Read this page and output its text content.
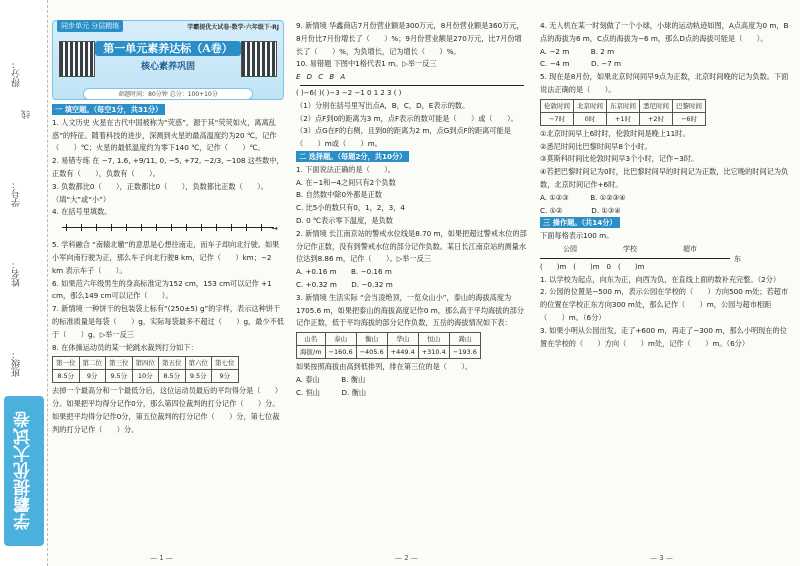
得分：
学号：
姓名：
班级：
线
学霸提优大试卷
同步单元 分层精练	学霸提优大试卷·数学·六年级下·RJ
第一单元素养达标（A卷）
核心素养巩固
命题时间：80分钟 总分：100+10分
一 填空题。（每空1分，共31分）

1. 人文历史 火星在古代中国被称为“荧惑”，源于其“荧荧如火，离离乱惑”的特征。随着科技的进步，深测到火星的最高温度约为20 ℃，记作（　　）℃；火星的最低温度约为零下140 ℃，记作（　　）℃。

2. 易错专练 在 −7, 1.6, +9/11, 0, −5, +72, −2/3, −108 这些数中，正数有（　　），负数有（　　）。

3. 负数都比0（　　），正数都比0（　　），负数都比正数（　　）。（填“大”或“小”）

4. 在括号里填数。

→

5. 学科融合 “南辕北辙”的意思是心想往南走，而车子却向北行驶。如果小军向南行驶为正，那么车子向北行驶8 km，记作（　　）km；−2 km 表示车子（　　）。

6. 如果范六年级男生的身高标准定为152 cm，153 cm可以记作 +1 cm，那么149 cm可以记作（　　）。

7. 新情境 一种饼干的包装袋上标有“(250±5) g”的字样，表示这种饼干的标准质量是每袋（　　）g，实际每袋最多不超过（　　）g，最少不低于（　　）g。▷举一反三

8. 在体操运动员的某一轮跳水裁判打分如下：

第一位	第二位	第三位	第四位	第五位	第六位	第七位
8.5分	9分	9.5分	10分	8.5分	9.5分	9分

去掉一个最高分和一个最低分后，这位运动员最后的平均得分是（　　）分。如果把平均得分记作0分，那么第四位裁判的打分记作（　　）分。如果把平均得分记作0分，第五位裁判的打分记作（　　）分，第七位裁判的打分记作（　　）分。

9. 新情境 华鑫商店7月份营业额是300万元，8月份营业额是360万元，8月份比7月份增长了（　　）%；9月份营业额是270万元，比7月份增长了（　　）%，为负增长，记为增长（　　）%。

10. 易错题 下图中1格代表1 m。▷举一反三

E D C B A
( )−6( )( )−3 −2 −1 0 1 2 3 ( )

（1）分别在括号里写出点A，B，C，D，E表示的数。

（2）点F到0的距离为3 m，点F表示的数可能是（　　）或（　　）。

（3）点G在F的右侧，且到0的距离为2 m，点G到点F的距离可能是（　　）m或（　　）m。

二 选择题。（每题2分，共10分）

1. 下面说法正确的是（　　）。

A. 在−1和−4之间只有2个负数

B. 自然数中除0外都是正数

C. 比5小的数只有0，1，2，3，4

D. 0 ℃表示零下温度，是负数

2. 新情境 长江南京站的警戒水位线是8.70 m，如果把超过警戒水位的部分记作正数，没有到警戒水位的部分记作负数。某日长江南京站的测量水位达到8.86 m，记作（　　）。▷举一反三

A. +0.16 m　　B. −0.16 m

C. +0.32 m　　D. −0.32 m

3. 新情境 生活实际 “会当凌绝顶，一览众山小”，泰山的海拔高度为1705.6 m，如果把泰山的海拔高度记作0 m，那么高于平均海拔的部分记作正数，低于平均海拔的部分记作负数，五岳的海拔情况如下表：

山名	泰山	衡山	华山	恒山	嵩山
海拔/m	−160.6	−405.6	+449.4	+310.4	−193.6

如果按照海拔由高到低排列，排在第三位的是（　　）。

A. 泰山　　　B. 衡山

C. 恒山　　　D. 衡山

4. 无人机在某一时刻做了一个小球，小球的运动轨迹如图，A点高度为0 m，B点的海拔为6 m，C点的海拔为−6 m，那么D点的海拔可能是（　　）。

A. −2 m　　　B. 2 m

C. −4 m　　　D. −7 m

5. 现在是8月份，如果北京时间同早9点为正数，北京时间晚的记为负数。下面说法正确的是（　　）。

伦敦时间	北京时间	东京时间	悉尼时间	巴黎时间
−7时	0时	+1时	+2时	−6时

①北京时间早上6时时，伦敦时间是晚上11时。

②悉尼时间比巴黎时间早8个小时。

③莫斯科时间比伦敦时间早3个小时，记作−3时。

④若把巴黎时间记为0时，比巴黎时间早的时间记为正数，比它晚的时间记为负数，北京时间记作+6时。

A. ①②③　　　B. ①②③④

C. ①②　　　　D. ①③④

三 操作题。（共14分）

下面每格表示100 m。

公园	学校	超市
东
(　　)m　(　　)m　0　(　　)m

1. 以学校为起点，向东为正，向西为负，在直线上面的数补充完整。（2分）

2. 公园的位置是−500 m，表示公园在学校的（　　）方向500 m处；若超市的位置在学校正东方向300 m处，那么记作（　　）m，公园与超市相距（　　）m。（6分）

3. 如果小明从公园出发，走了+600 m，再走了−300 m，那么小明现在的位置在学校的（　　）方向（　　）m处，记作（　　）m。（6分）

— 1 —	— 2 —	— 3 —
